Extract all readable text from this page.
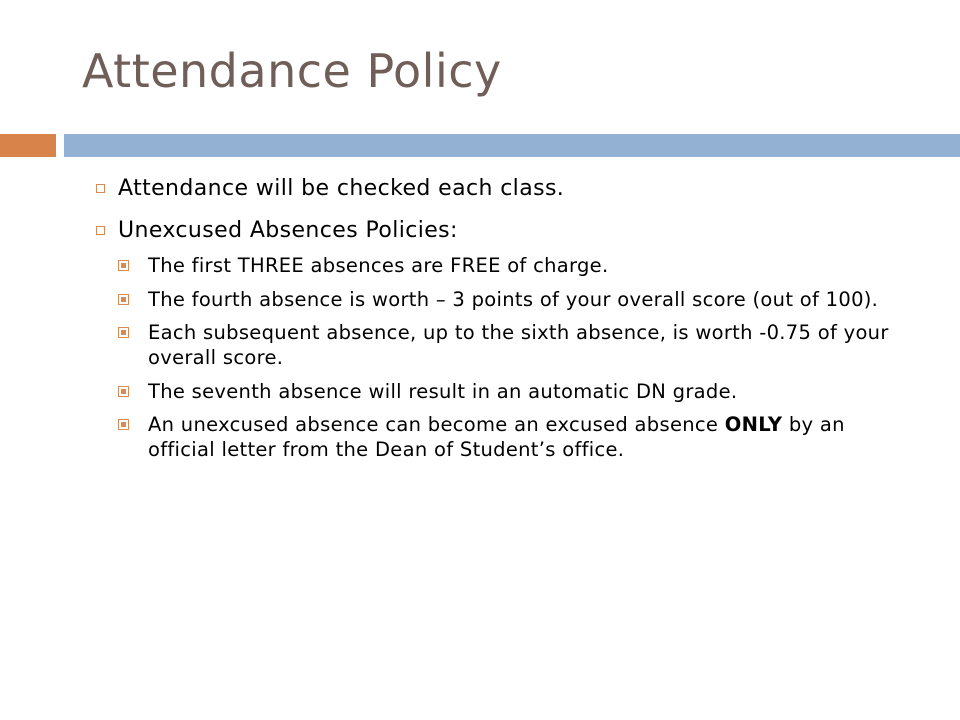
Attendance Policy
Attendance will be checked each class.
Unexcused Absences Policies:
The first THREE absences are FREE of charge.
The fourth absence is worth – 3 points of your overall score (out of 100).
Each subsequent absence, up to the sixth absence, is worth -0.75 of your overall score.
The seventh absence will result in an automatic DN grade.
An unexcused absence can become an excused absence ONLY by an official letter from the Dean of Student’s office.
